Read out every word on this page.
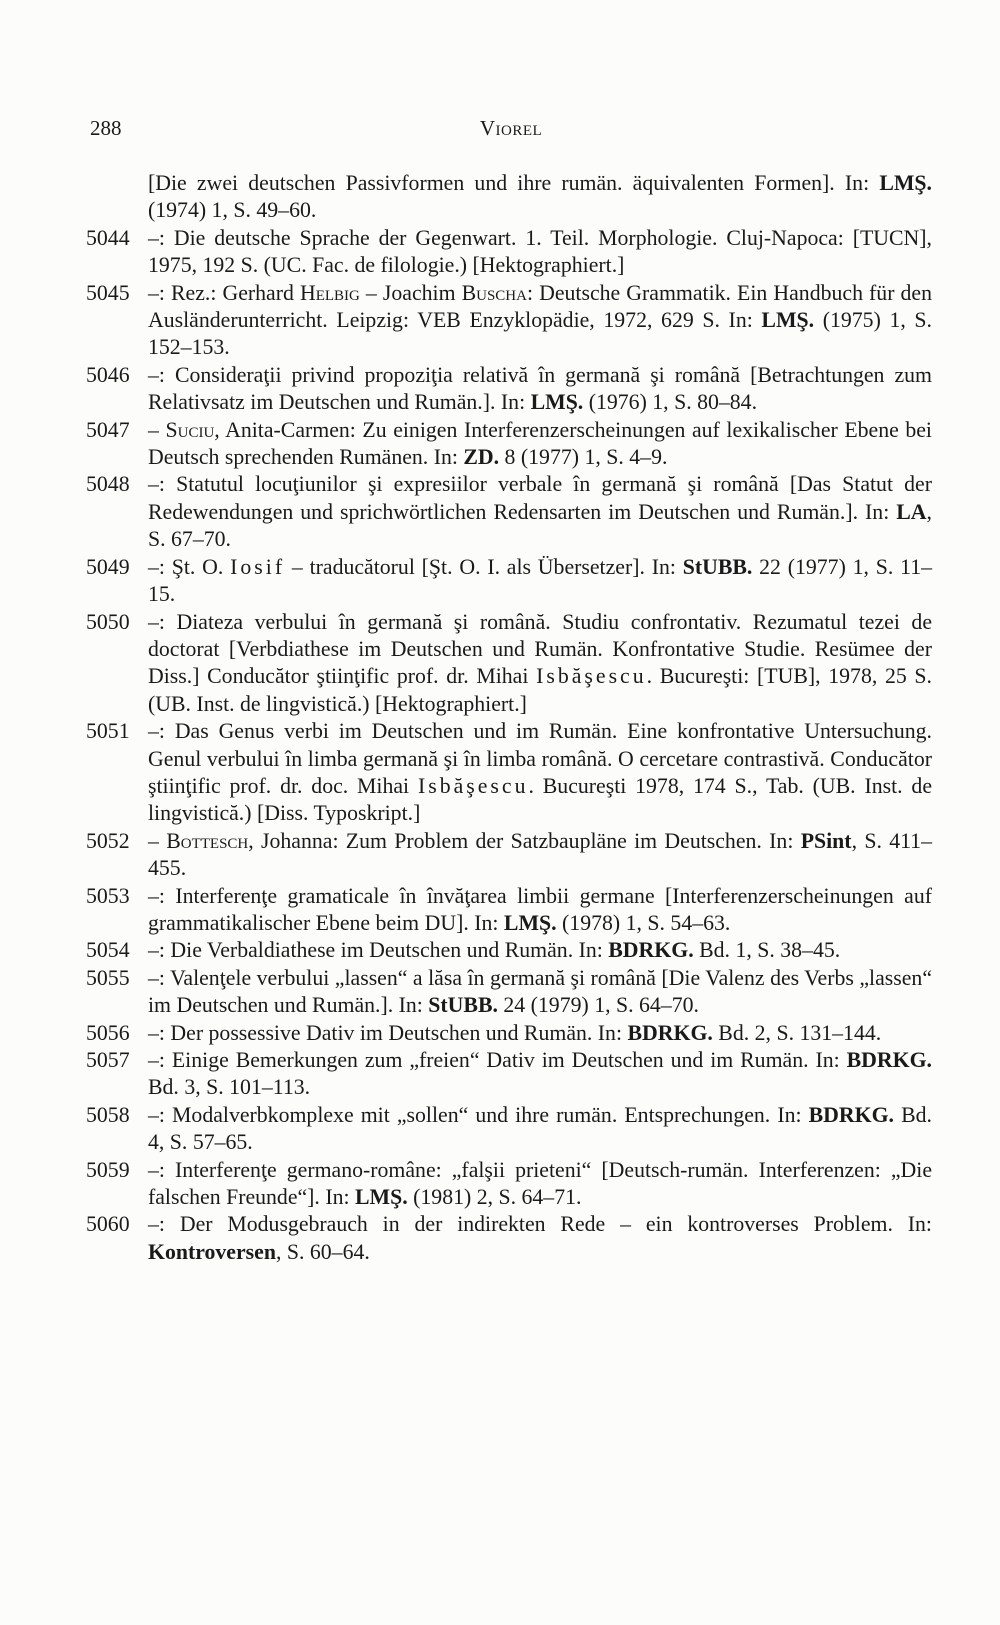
288	Viorel

[Die zwei deutschen Passivformen und ihre rumän. äquivalenten Formen]. In: LMŞ. (1974) 1, S. 49–60.

5044 –: Die deutsche Sprache der Gegenwart. 1. Teil. Morphologie. Cluj-Napoca: [TUCN], 1975, 192 S. (UC. Fac. de filologie.) [Hektographiert.]

5045 –: Rez.: Gerhard Helbig – Joachim Buscha: Deutsche Grammatik. Ein Handbuch für den Ausländerunterricht. Leipzig: VEB Enzyklopädie, 1972, 629 S. In: LMŞ. (1975) 1, S. 152–153.

5046 –: Consideraţii privind propoziţia relativă în germană şi română [Betrachtungen zum Relativsatz im Deutschen und Rumän.]. In: LMŞ. (1976) 1, S. 80–84.

5047 – Suciu, Anita-Carmen: Zu einigen Interferenzerscheinungen auf lexikalischer Ebene bei Deutsch sprechenden Rumänen. In: ZD. 8 (1977) 1, S. 4–9.

5048 –: Statutul locuţiunilor şi expresiilor verbale în germană şi română [Das Statut der Redewendungen und sprichwörtlichen Redensarten im Deutschen und Rumän.]. In: LA, S. 67–70.

5049 –: Şt. O. Iosif – traducătorul [Şt. O. I. als Übersetzer]. In: StUBB. 22 (1977) 1, S. 11–15.

5050 –: Diateza verbului în germană şi română. Studiu confrontativ. Rezumatul tezei de doctorat [Verbdiathese im Deutschen und Rumän. Konfrontative Studie. Resümee der Diss.] Conducător ştiinţific prof. dr. Mihai Isbăşescu. Bucureşti: [TUB], 1978, 25 S. (UB. Inst. de lingvistică.) [Hektographiert.]

5051 –: Das Genus verbi im Deutschen und im Rumän. Eine konfrontative Untersuchung. Genul verbului în limba germană şi în limba română. O cercetare contrastivă. Conducător ştiinţific prof. dr. doc. Mihai Isbăşescu. Bucureşti 1978, 174 S., Tab. (UB. Inst. de lingvistică.) [Diss. Typoskript.]

5052 – Bottesch, Johanna: Zum Problem der Satzbaupläne im Deutschen. In: PSint, S. 411–455.

5053 –: Interferenţe gramaticale în învăţarea limbii germane [Interferenzerscheinungen auf grammatikalischer Ebene beim DU]. In: LMŞ. (1978) 1, S. 54–63.

5054 –: Die Verbaldiathese im Deutschen und Rumän. In: BDRKG. Bd. 1, S. 38–45.

5055 –: Valenţele verbului „lassen“ a lăsa în germană şi română [Die Valenz des Verbs „lassen“ im Deutschen und Rumän.]. In: StUBB. 24 (1979) 1, S. 64–70.

5056 –: Der possessive Dativ im Deutschen und Rumän. In: BDRKG. Bd. 2, S. 131–144.

5057 –: Einige Bemerkungen zum „freien“ Dativ im Deutschen und im Rumän. In: BDRKG. Bd. 3, S. 101–113.

5058 –: Modalverbkomplexe mit „sollen“ und ihre rumän. Entsprechungen. In: BDRKG. Bd. 4, S. 57–65.

5059 –: Interferenţe germano-române: „falşii prieteni“ [Deutsch-rumän. Interferenzen: „Die falschen Freunde“]. In: LMŞ. (1981) 2, S. 64–71.

5060 –: Der Modusgebrauch in der indirekten Rede – ein kontroverses Problem. In: Kontroversen, S. 60–64.
